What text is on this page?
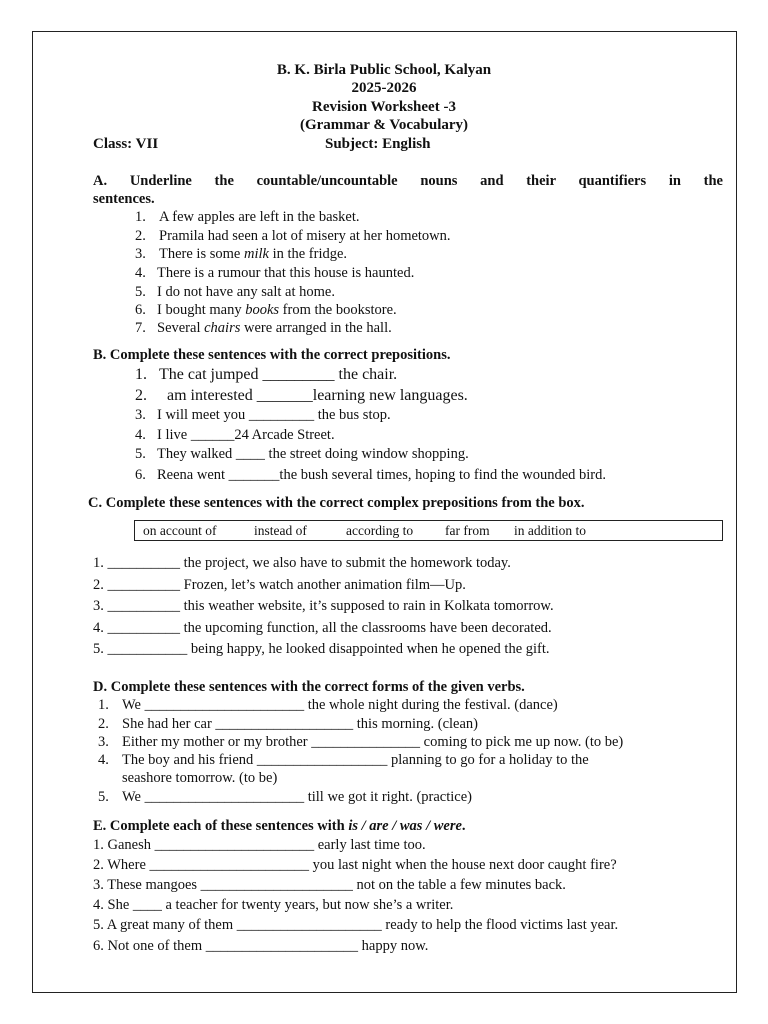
B. K. Birla Public School, Kalyan
2025-2026
Revision Worksheet -3
(Grammar & Vocabulary)
Class: VII	Subject: English
A. Underline the countable/uncountable nouns and their quantifiers in the
sentences.
1. A few apples are left in the basket.
2. Pramila had seen a lot of misery at her hometown.
3. There is some milk in the fridge.
4. There is a rumour that this house is haunted.
5. I do not have any salt at home.
6. I bought many books from the bookstore.
7. Several chairs were arranged in the hall.
B. Complete these sentences with the correct prepositions.
1. The cat jumped _________ the chair.
2.  am interested _______learning new languages.
3. I will meet you _________ the bus stop.
4. I live ______24 Arcade Street.
5. They walked ____ the street doing window shopping.
6. Reena went _______the bush several times, hoping to find the wounded bird.
C. Complete these sentences with the correct complex prepositions from the box.
on account of	instead of	according to far from in addition to
1. __________ the project, we also have to submit the homework today.
2. __________ Frozen, let’s watch another animation film—Up.
3. __________ this weather website, it’s supposed to rain in Kolkata tomorrow.
4. __________ the upcoming function, all the classrooms have been decorated.
5. ___________ being happy, he looked disappointed when he opened the gift.
D. Complete these sentences with the correct forms of the given verbs.
1. We ______________________ the whole night during the festival. (dance)
2. She had her car ___________________ this morning. (clean)
3. Either my mother or my brother _______________ coming to pick me up now. (to be)
4. The boy and his friend __________________ planning to go for a holiday to the
seashore tomorrow. (to be)
5. We ______________________ till we got it right. (practice)
E. Complete each of these sentences with is / are / was / were.
1. Ganesh ______________________ early last time too.
2. Where ______________________ you last night when the house next door caught fire?
3. These mangoes _____________________ not on the table a few minutes back.
4. She ____ a teacher for twenty years, but now she’s a writer.
5. A great many of them ____________________ ready to help the flood victims last year.
6. Not one of them _____________________ happy now.
